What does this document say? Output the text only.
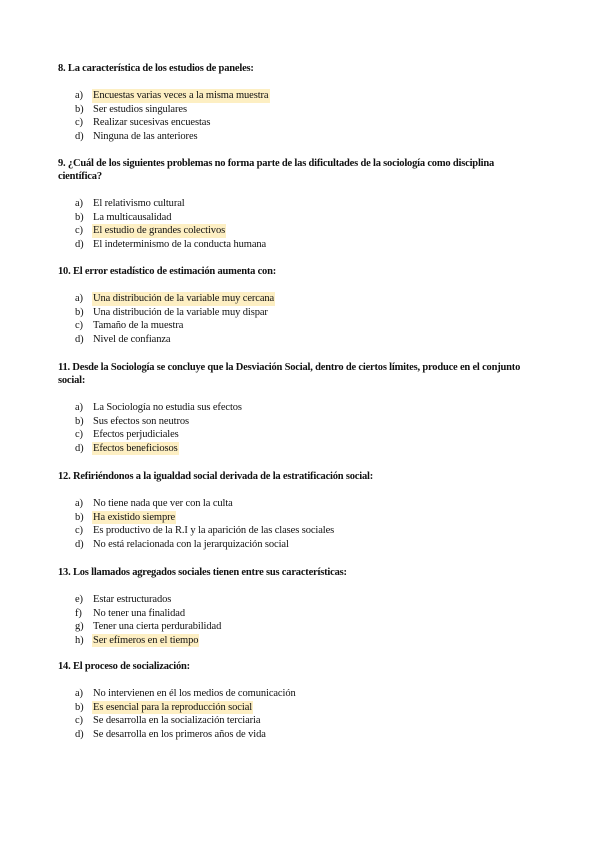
8. La característica de los estudios de paneles:

a) Encuestas varias veces a la misma muestra
b) Ser estudios singulares
c) Realizar sucesivas encuestas
d) Ninguna de las anteriores

9. ¿Cuál de los siguientes problemas no forma parte de las dificultades de la sociología como disciplina científica?

a) El relativismo cultural
b) La multicausalidad
c) El estudio de grandes colectivos
d) El indeterminismo de la conducta humana

10. El error estadístico de estimación aumenta con:

a) Una distribución de la variable muy cercana
b) Una distribución de la variable muy dispar
c) Tamaño de la muestra
d) Nivel de confianza

11. Desde la Sociología se concluye que la Desviación Social, dentro de ciertos límites, produce en el conjunto social:

a) La Sociología no estudia sus efectos
b) Sus efectos son neutros
c) Efectos perjudiciales
d) Efectos beneficiosos

12. Refiriéndonos a la igualdad social derivada de la estratificación social:

a) No tiene nada que ver con la culta
b) Ha existido siempre
c) Es productivo de la R.I y la aparición de las clases sociales
d) No está relacionada con la jerarquización social

13. Los llamados agregados sociales tienen entre sus características:

e) Estar estructurados
f)	No tener una finalidad
g) Tener una cierta perdurabilidad
h) Ser efímeros en el tiempo

14. El proceso de socialización:

a) No intervienen en él los medios de comunicación
b) Es esencial para la reproducción social
c) Se desarrolla en la socialización terciaria
d) Se desarrolla en los primeros años de vida
